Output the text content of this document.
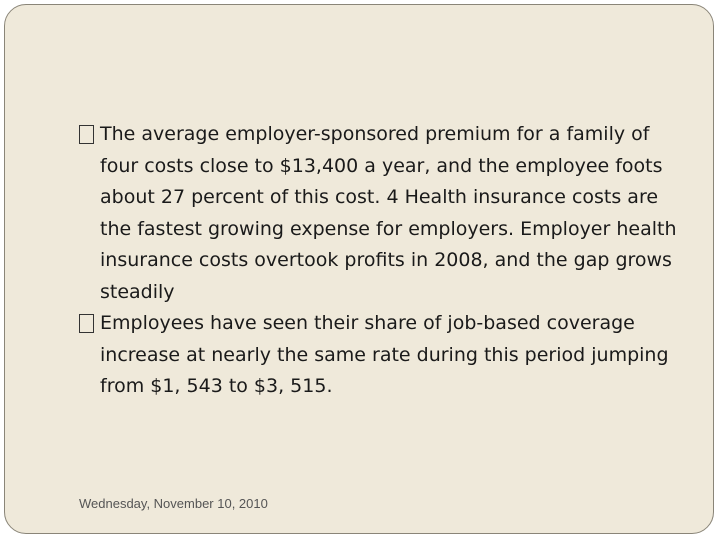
The average employer-sponsored premium for a family of four costs close to $13,400 a year, and the employee foots about 27 percent of this cost. 4 Health insurance costs are the fastest growing expense for employers. Employer health insurance costs overtook profits in 2008, and the gap grows steadily
Employees have seen their share of job-based coverage increase at nearly the same rate during this period jumping from $1, 543 to $3, 515.
Wednesday, November 10, 2010
